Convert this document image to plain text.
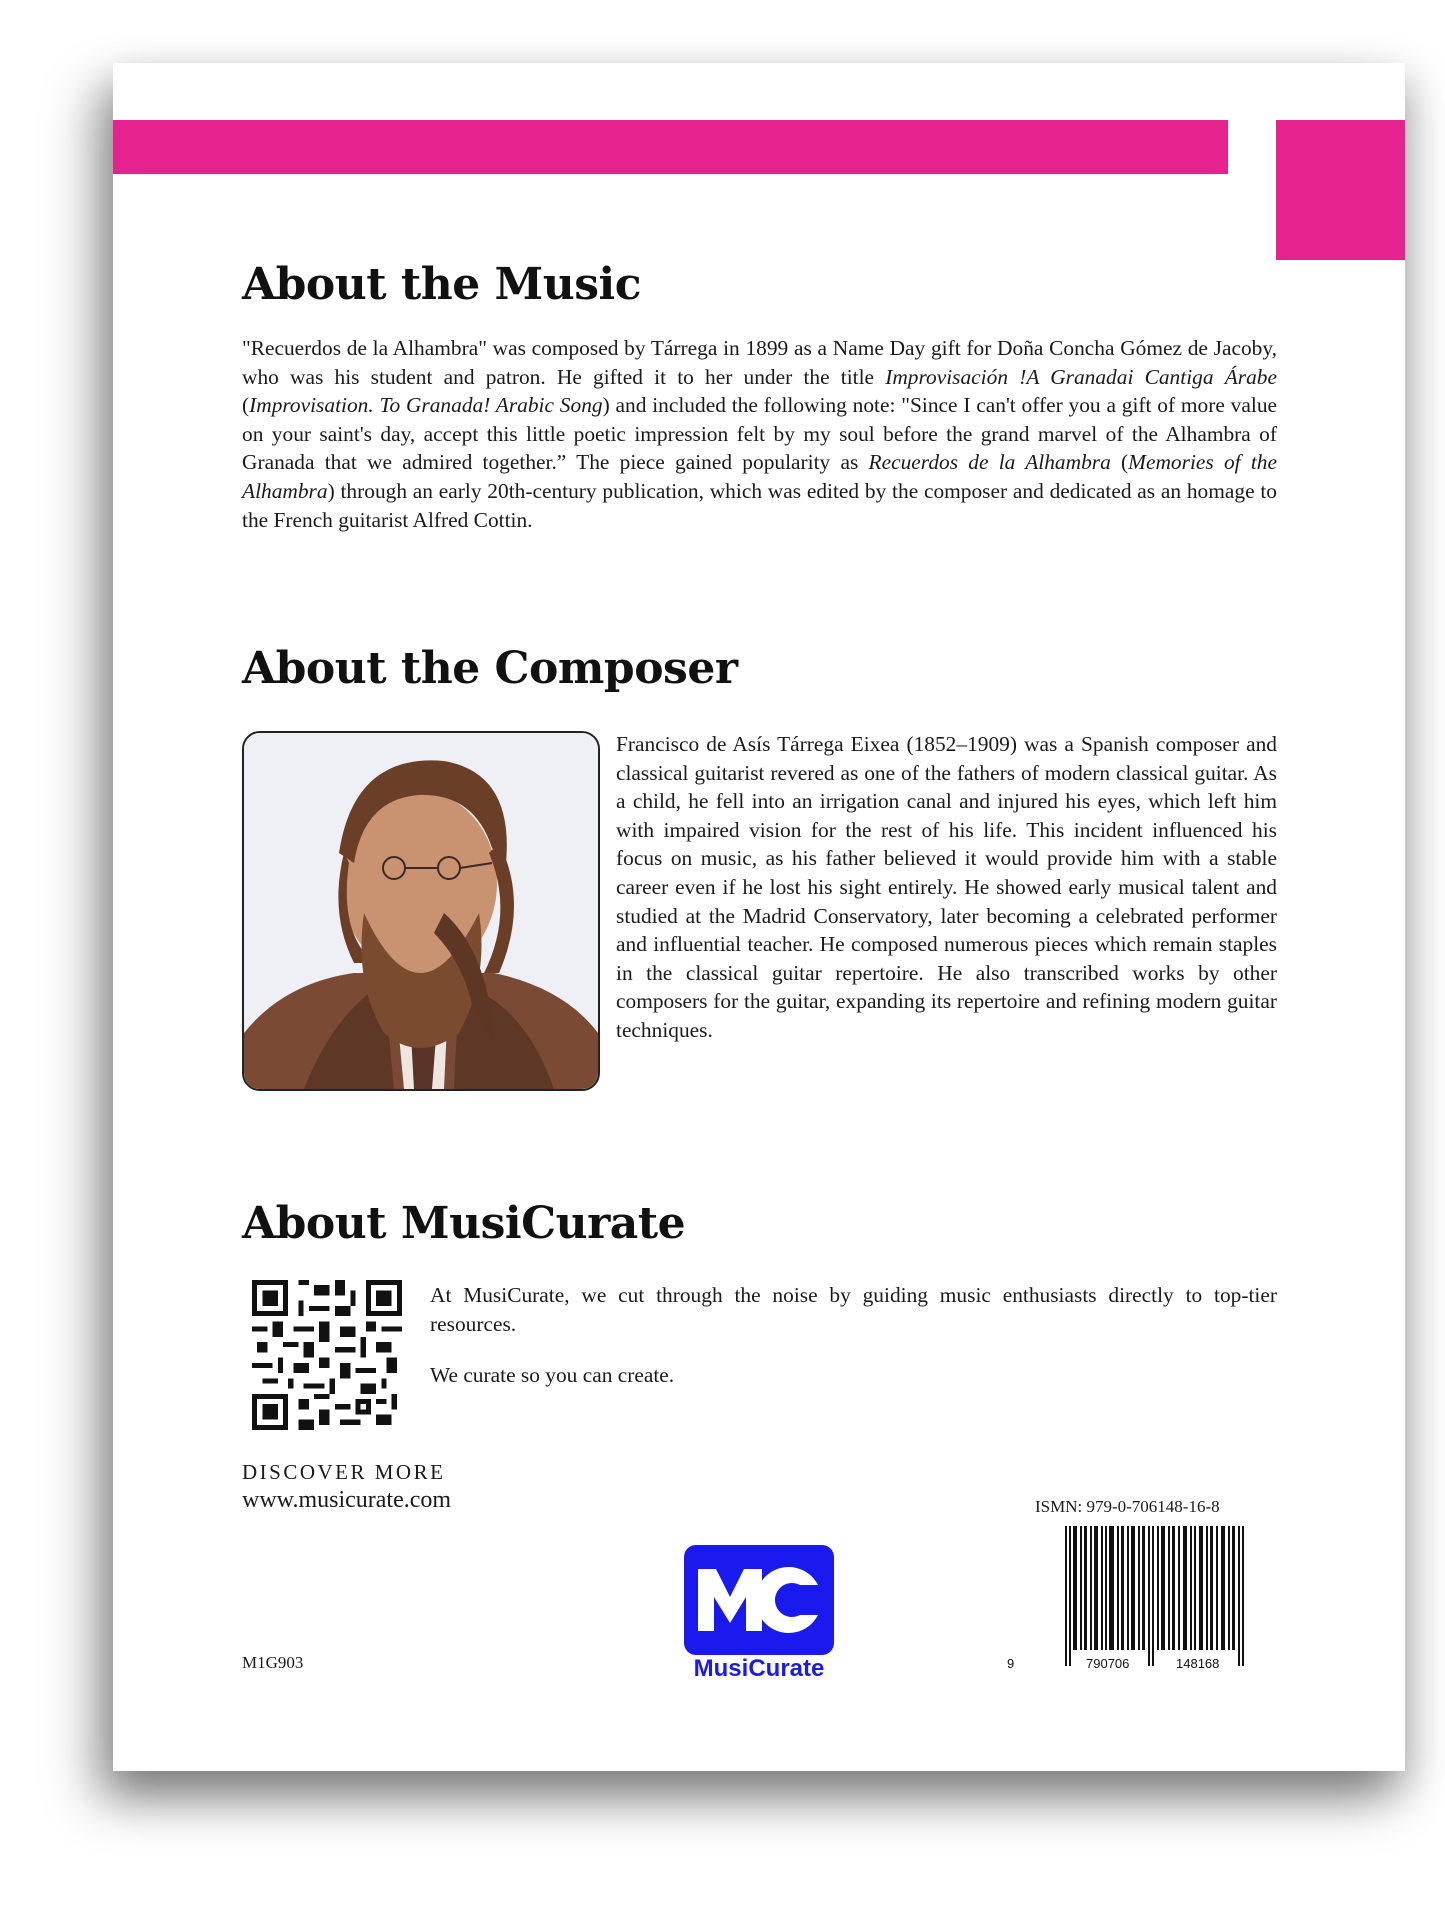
About the Music

"Recuerdos de la Alhambra" was composed by Tárrega in 1899 as a Name Day gift for Doña Concha Gómez de Jacoby, who was his student and patron. He gifted it to her under the title Improvisación !A Granadai Cantiga Árabe (Improvisation. To Granada! Arabic Song) and included the following note: "Since I can't offer you a gift of more value on your saint's day, accept this little poetic impression felt by my soul before the grand marvel of the Alhambra of Granada that we admired together.” The piece gained popularity as Recuerdos de la Alhambra (Memories of the Alhambra) through an early 20th-century publication, which was edited by the composer and dedicated as an homage to the French guitarist Alfred Cottin.

About the Composer

Francisco de Asís Tárrega Eixea (1852–1909) was a Spanish composer and classical guitarist revered as one of the fathers of modern classical guitar. As a child, he fell into an irrigation canal and injured his eyes, which left him with impaired vision for the rest of his life. This incident influenced his focus on music, as his father believed it would provide him with a stable career even if he lost his sight entirely. He showed early musical talent and studied at the Madrid Conservatory, later becoming a celebrated performer and influential teacher. He composed numerous pieces which remain staples in the classical guitar repertoire. He also transcribed works by other composers for the guitar, expanding its repertoire and refining modern guitar techniques.

About MusiCurate

At MusiCurate, we cut through the noise by guiding music enthusiasts directly to top-tier resources.

We curate so you can create.

DISCOVER MORE
www.musicurate.com
M1G903	MusiCurate
ISMN: 979-0-706148-16-8
9	790706	148168
